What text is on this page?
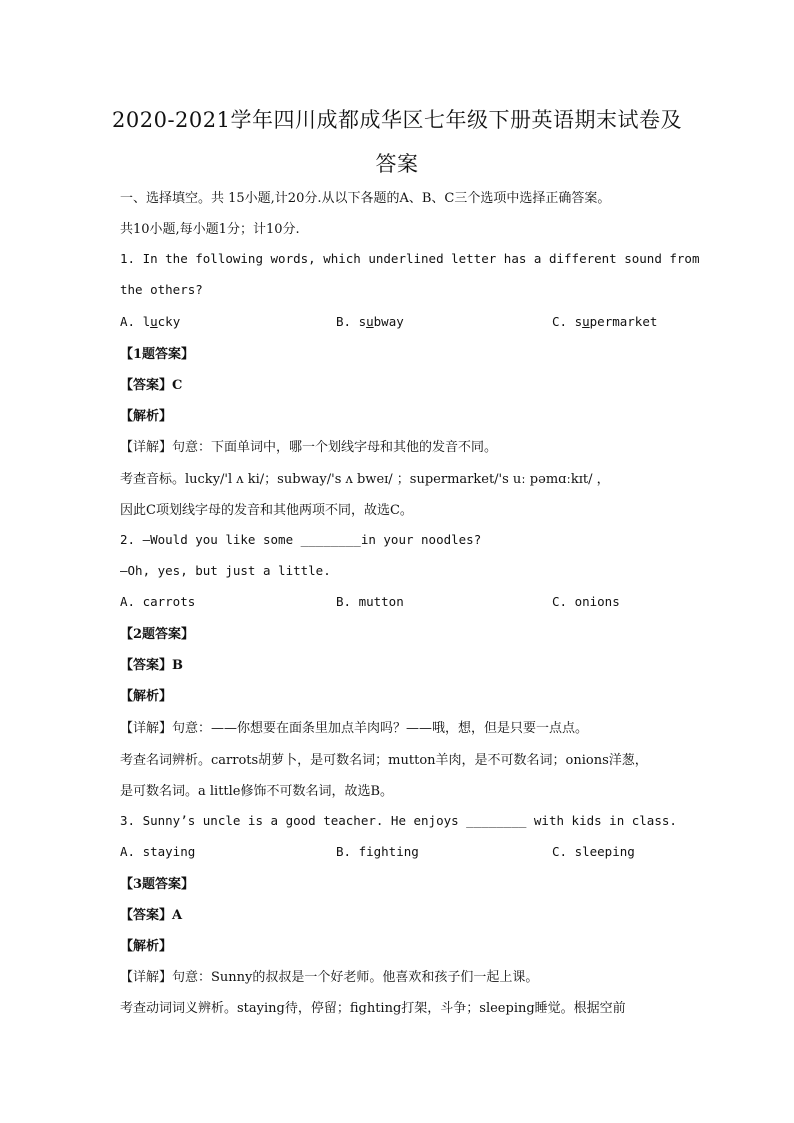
2020-2021学年四川成都成华区七年级下册英语期末试卷及
答案
一、选择填空。共 15小题,计20分.从以下各题的A、B、C三个选项中选择正确答案。
共10小题,每小题1分；计10分.
1. In the following words, which underlined letter has a different sound from
the others?
A. lucky	B. subway	C. supermarket
【1题答案】
【答案】C
【解析】
【详解】句意：下面单词中，哪一个划线字母和其他的发音不同。
考查音标。lucky/'l ʌ ki/；subway/'s ʌ bweɪ/ ；supermarket/'s uː pəmɑːkɪt/ ，
因此C项划线字母的发音和其他两项不同，故选C。
2. —Would you like some ________in your noodles?
—Oh, yes, but just a little.
A. carrots	B. mutton	C. onions
【2题答案】
【答案】B
【解析】
【详解】句意：——你想要在面条里加点羊肉吗？——哦，想，但是只要一点点。
考查名词辨析。carrots胡萝卜，是可数名词；mutton羊肉，是不可数名词；onions洋葱，
是可数名词。a little修饰不可数名词，故选B。
3. Sunny’s uncle is a good teacher. He enjoys ________ with kids in class.
A. staying	B. fighting	C. sleeping
【3题答案】
【答案】A
【解析】
【详解】句意：Sunny的叔叔是一个好老师。他喜欢和孩子们一起上课。
考查动词词义辨析。staying待，停留；fighting打架，斗争；sleeping睡觉。根据空前
